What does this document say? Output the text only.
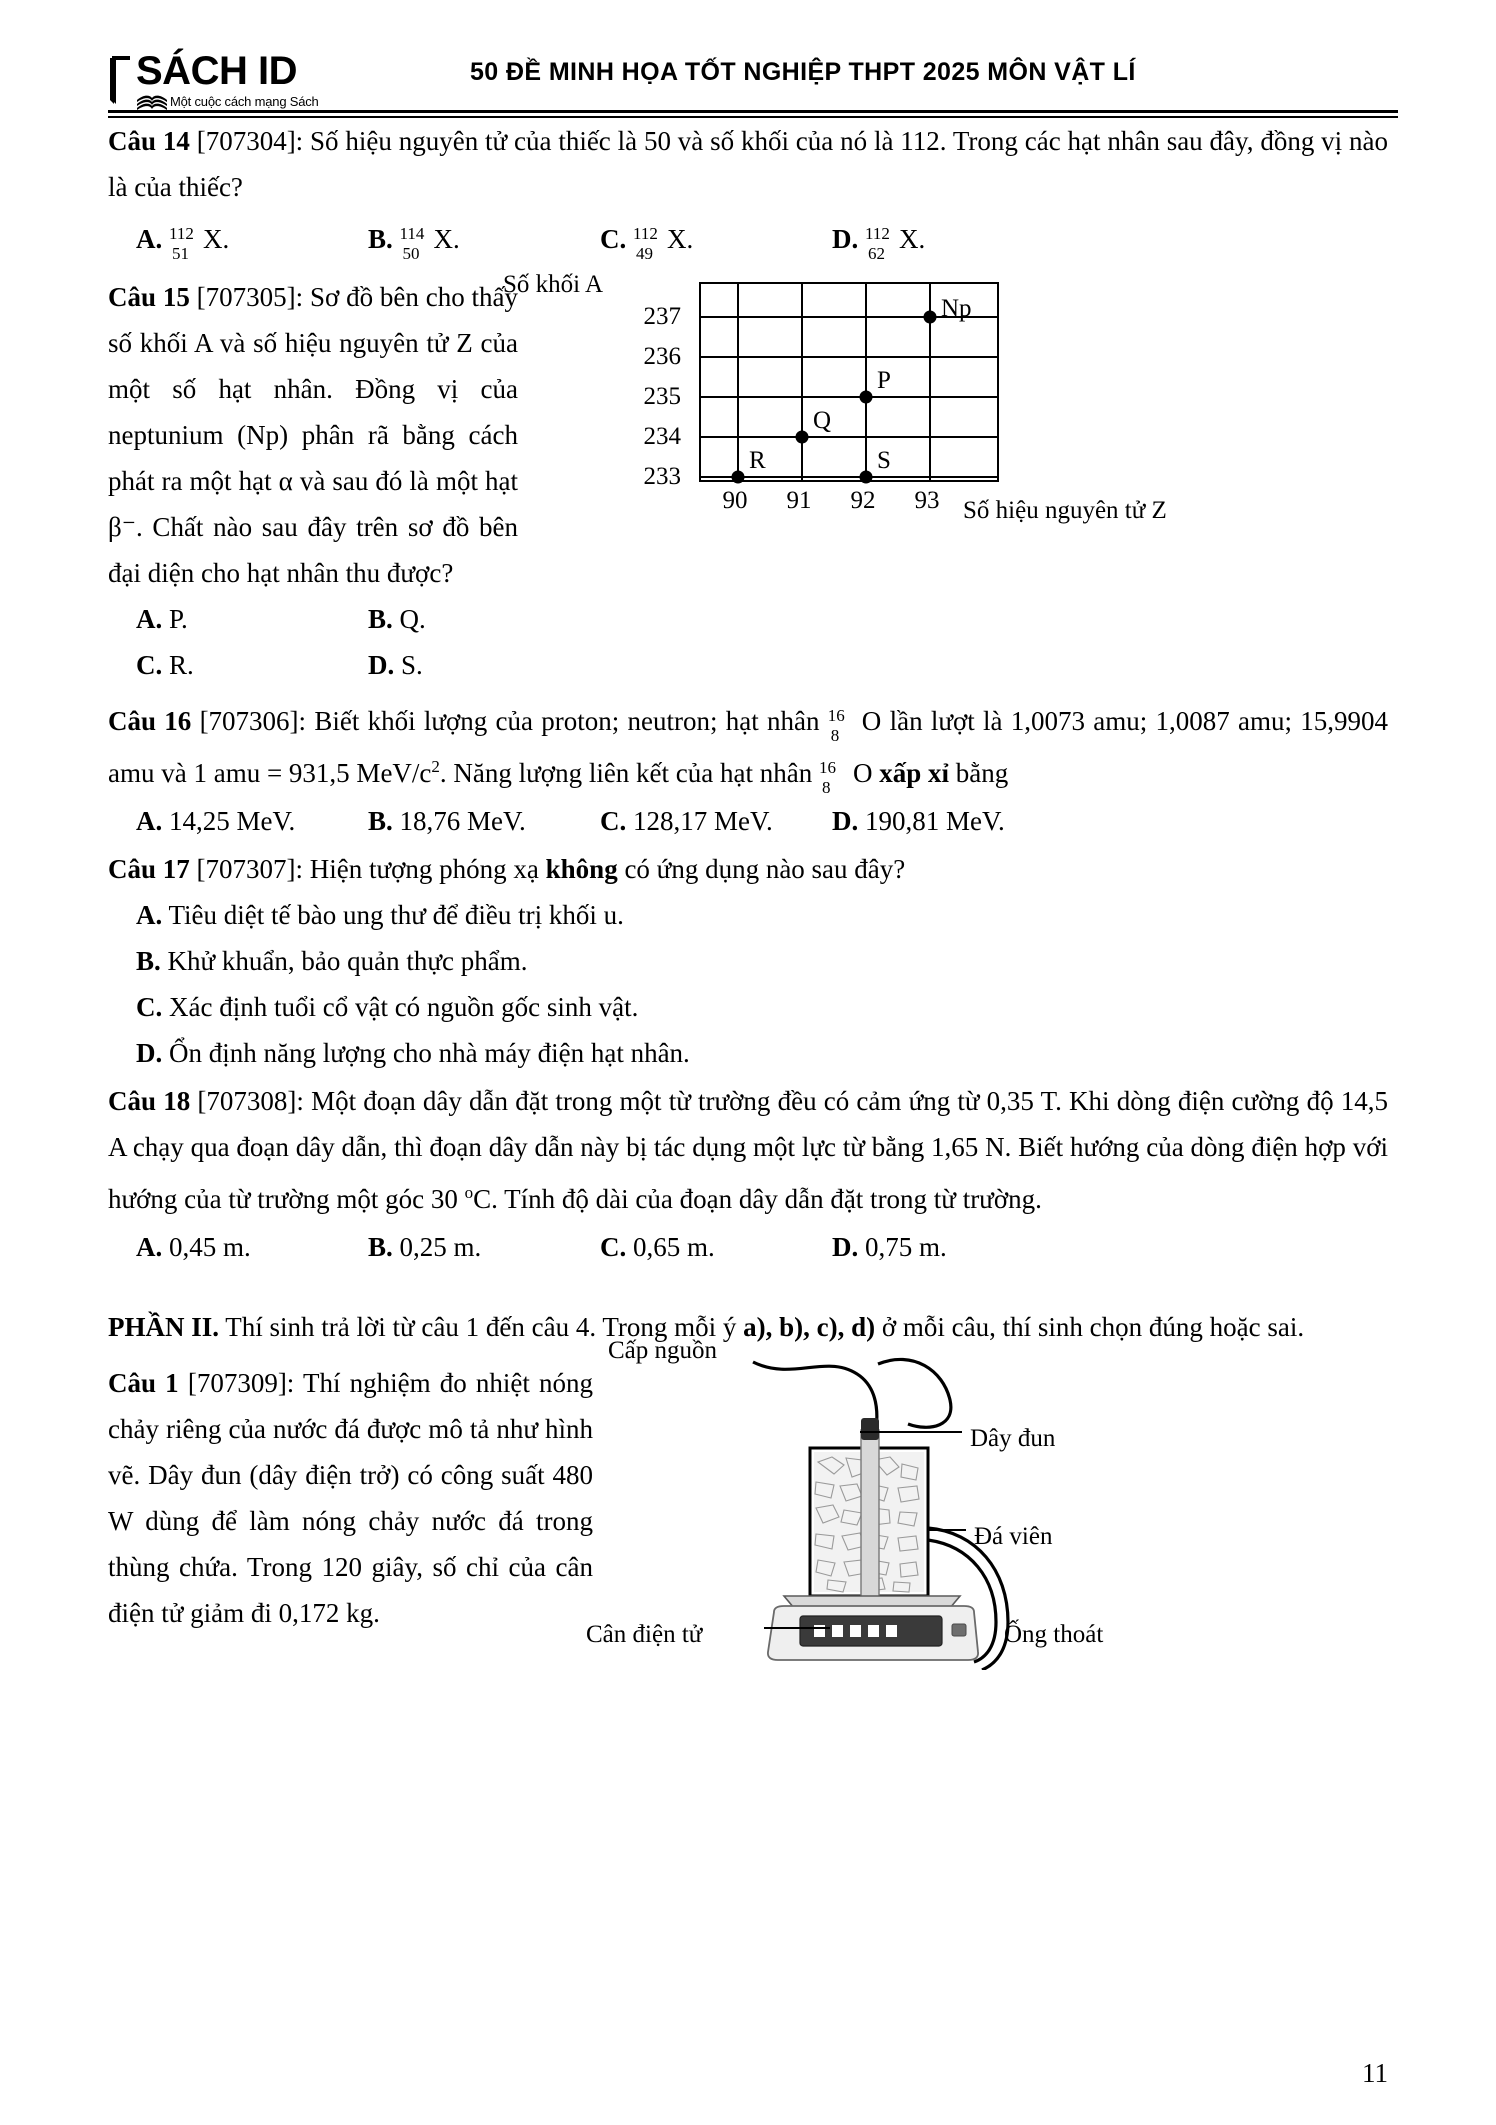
SÁCH ID
Một cuộc cách mạng Sách
50 ĐỀ MINH HỌA TỐT NGHIỆP THPT 2025 MÔN VẬT LÍ

Câu 14 [707304]: Số hiệu nguyên tử của thiếc là 50 và số khối của nó là 112. Trong các hạt nhân sau đây, đồng vị nào là của thiếc?

A. 112
51 X.	B. 114
50 X.	C. 112
49 X.	D. 112
62 X.

Câu 15 [707305]: Sơ đồ bên cho thấy số khối A và số hiệu nguyên tử Z của một số hạt nhân. Đồng vị của neptunium (Np) phân rã bằng cách phát ra một hạt α và sau đó là một hạt β⁻. Chất nào sau đây trên sơ đồ bên đại diện cho hạt nhân thu được?

Số khối A
237
236
235
234
233
Np
P
Q
R	S
90	91	92	93 Số hiệu nguyên tử Z
A. P.	B. Q.
C. R.	D. S.

Câu 16 [707306]: Biết khối lượng của proton; neutron; hạt nhân 16
8 O lần lượt là 1,0073 amu; 1,0087 amu; 15,9904 amu và 1 amu = 931,5 MeV/$c^2$. Năng lượng liên kết của hạt nhân 16
8 O xấp xỉ bằng

A. 14,25 MeV.	B. 18,76 MeV.	C. 128,17 MeV.	D. 190,81 MeV.

Câu 17 [707307]: Hiện tượng phóng xạ không có ứng dụng nào sau đây?

A. Tiêu diệt tế bào ung thư để điều trị khối u.

B. Khử khuẩn, bảo quản thực phẩm.

C. Xác định tuổi cổ vật có nguồn gốc sinh vật.

D. Ổn định năng lượng cho nhà máy điện hạt nhân.

Câu 18 [707308]: Một đoạn dây dẫn đặt trong một từ trường đều có cảm ứng từ 0,35 T. Khi dòng điện cường độ 14,5 A chạy qua đoạn dây dẫn, thì đoạn dây dẫn này bị tác dụng một lực từ bằng 1,65 N. Biết hướng của dòng điện hợp với hướng của từ trường một góc 30 $^o$C. Tính độ dài của đoạn dây dẫn đặt trong từ trường.

A. 0,45 m.	B. 0,25 m.	C. 0,65 m.	D. 0,75 m.

PHẦN II. Thí sinh trả lời từ câu 1 đến câu 4. Trong mỗi ý a), b), c), d) ở mỗi câu, thí sinh chọn đúng hoặc sai.

Câu 1 [707309]: Thí nghiệm đo nhiệt nóng chảy riêng của nước đá được mô tả như hình vẽ. Dây đun (dây điện trở) có công suất 480 W dùng để làm nóng chảy nước đá trong thùng chứa. Trong 120 giây, số chỉ của cân điện tử giảm đi 0,172 kg.

Cấp nguồn
Dây đun
Đá viên
Cân điện tử	Ống thoát
11
